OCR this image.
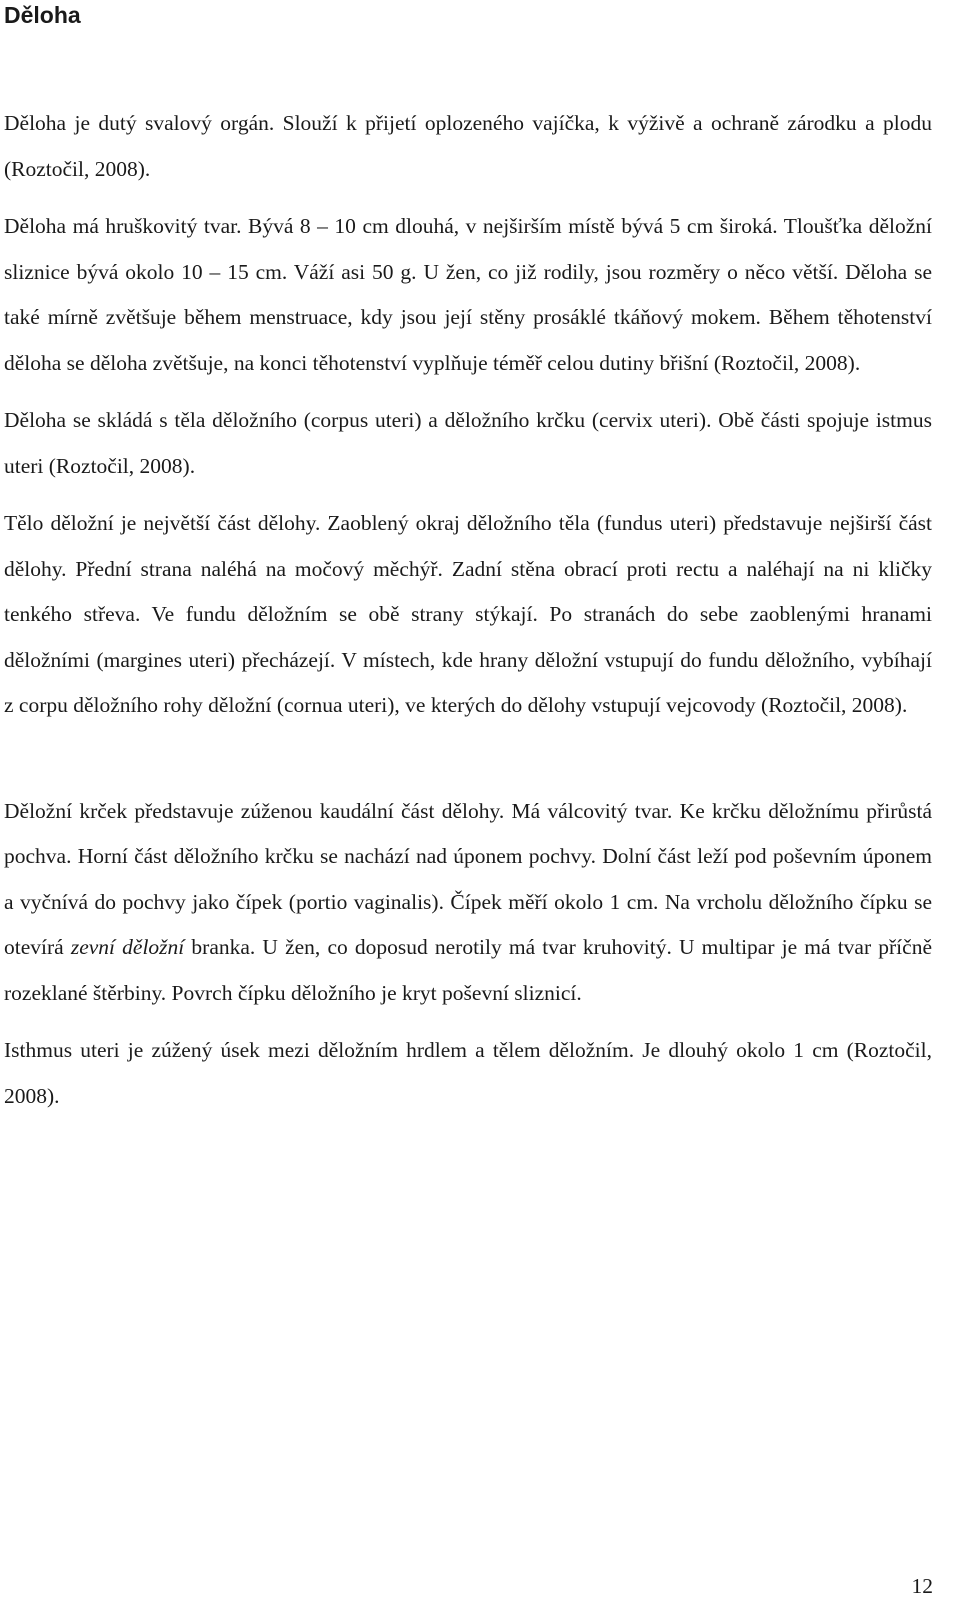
Děloha

Děloha je dutý svalový orgán. Slouží k přijetí oplozeného vajíčka, k výživě a ochraně zárodku a plodu (Roztočil, 2008).

Děloha má hruškovitý tvar. Bývá 8 – 10 cm dlouhá, v nejširším místě bývá 5 cm široká. Tloušťka děložní sliznice bývá okolo 10 – 15 cm. Váží asi 50 g. U žen, co již rodily, jsou rozměry o něco větší. Děloha se také mírně zvětšuje během menstruace, kdy jsou její stěny prosáklé tkáňový mokem. Během těhotenství děloha se děloha zvětšuje, na konci těhotenství vyplňuje téměř celou dutiny břišní (Roztočil, 2008).

Děloha se skládá s těla děložního (corpus uteri) a děložního krčku (cervix uteri). Obě části spojuje istmus uteri (Roztočil, 2008).

Tělo děložní je největší část dělohy. Zaoblený okraj děložního těla (fundus uteri) představuje nejširší část dělohy. Přední strana naléhá na močový měchýř. Zadní stěna obrací proti rectu a naléhají na ni kličky tenkého střeva. Ve fundu děložním se obě strany stýkají. Po stranách do sebe zaoblenými hranami děložními (margines uteri) přecházejí. V místech, kde hrany děložní vstupují do fundu děložního, vybíhají z corpu děložního rohy děložní (cornua uteri), ve kterých do dělohy vstupují vejcovody (Roztočil, 2008).

Děložní krček představuje zúženou kaudální část dělohy. Má válcovitý tvar. Ke krčku děložnímu přirůstá pochva. Horní část děložního krčku se nachází nad úponem pochvy. Dolní část leží pod poševním úponem a vyčnívá do pochvy jako čípek (portio vaginalis). Čípek měří okolo 1 cm. Na vrcholu děložního čípku se otevírá zevní děložní branka. U žen, co doposud nerotily má tvar kruhovitý. U multipar je má tvar příčně rozeklané štěrbiny. Povrch čípku děložního je kryt poševní sliznicí.

Isthmus uteri je zúžený úsek mezi děložním hrdlem a tělem děložním. Je dlouhý okolo 1 cm (Roztočil, 2008).

12
